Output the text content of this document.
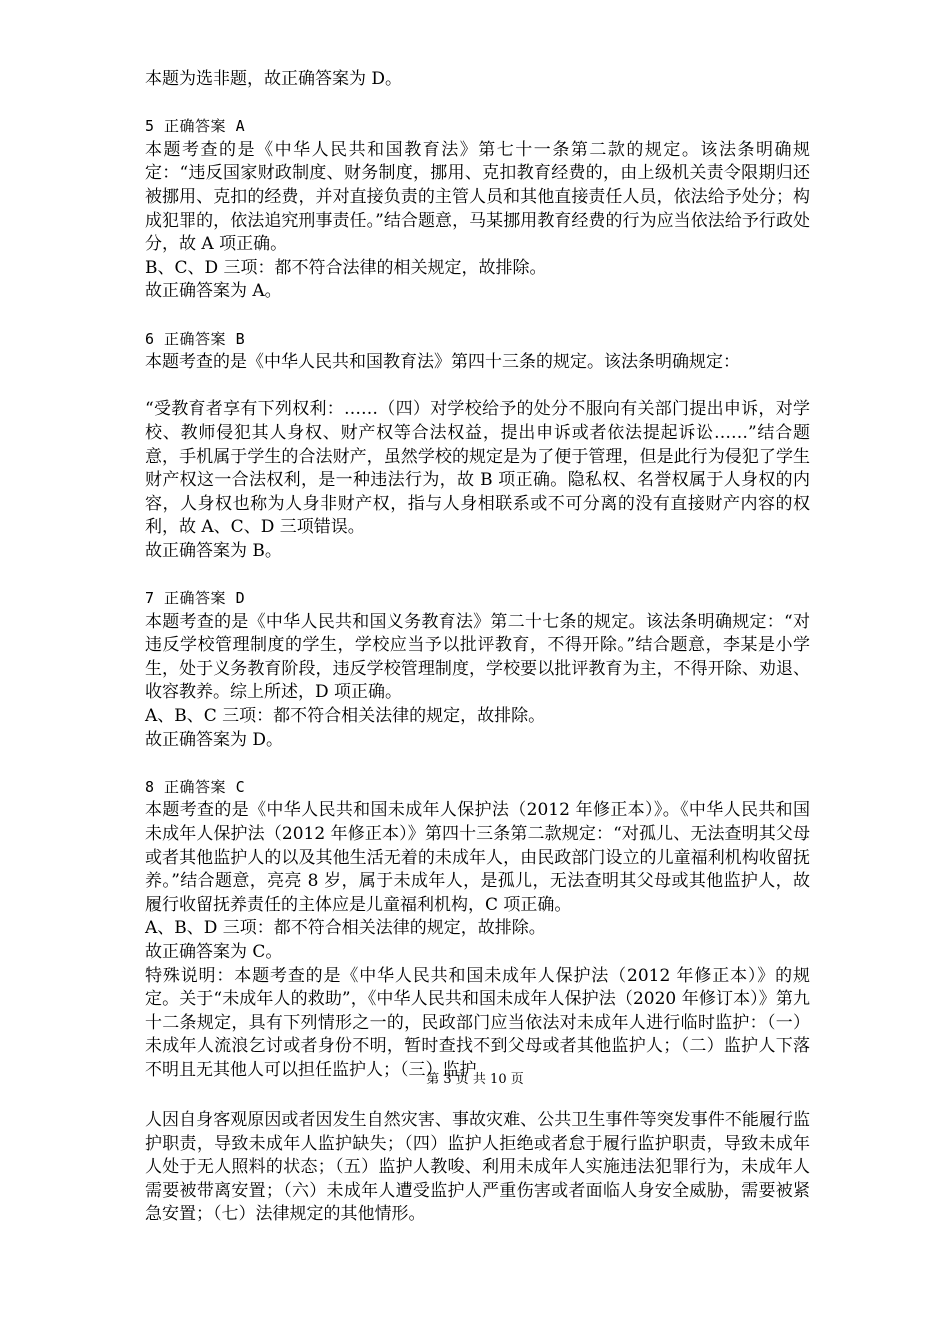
本题为选非题，故正确答案为 D。

5 正确答案 A

本题考查的是《中华人民共和国教育法》第七十一条第二款的规定。该法条明确规定：“违反国家财政制度、财务制度，挪用、克扣教育经费的，由上级机关责令限期归还被挪用、克扣的经费，并对直接负责的主管人员和其他直接责任人员，依法给予处分；构成犯罪的，依法追究刑事责任。”结合题意，马某挪用教育经费的行为应当依法给予行政处分，故 A 项正确。

B、C、D 三项：都不符合法律的相关规定，故排除。

故正确答案为 A。

6 正确答案 B

本题考查的是《中华人民共和国教育法》第四十三条的规定。该法条明确规定：

“受教育者享有下列权利：……（四）对学校给予的处分不服向有关部门提出申诉，对学校、教师侵犯其人身权、财产权等合法权益，提出申诉或者依法提起诉讼……”结合题意，手机属于学生的合法财产，虽然学校的规定是为了便于管理，但是此行为侵犯了学生财产权这一合法权利，是一种违法行为，故 B 项正确。隐私权、名誉权属于人身权的内容，人身权也称为人身非财产权，指与人身相联系或不可分离的没有直接财产内容的权利，故 A、C、D 三项错误。

故正确答案为 B。

7 正确答案 D

本题考查的是《中华人民共和国义务教育法》第二十七条的规定。该法条明确规定：“对违反学校管理制度的学生，学校应当予以批评教育，不得开除。”结合题意，李某是小学生，处于义务教育阶段，违反学校管理制度，学校要以批评教育为主，不得开除、劝退、收容教养。综上所述，D 项正确。

A、B、C 三项：都不符合相关法律的规定，故排除。

故正确答案为 D。

8 正确答案 C

本题考查的是《中华人民共和国未成年人保护法（2012 年修正本）》。《中华人民共和国未成年人保护法（2012 年修正本）》第四十三条第二款规定：“对孤儿、无法查明其父母或者其他监护人的以及其他生活无着的未成年人，由民政部门设立的儿童福利机构收留抚养。”结合题意，亮亮 8 岁，属于未成年人，是孤儿，无法查明其父母或其他监护人，故履行收留抚养责任的主体应是儿童福利机构，C 项正确。

A、B、D 三项：都不符合相关法律的规定，故排除。

故正确答案为 C。

特殊说明：本题考查的是《中华人民共和国未成年人保护法（2012 年修正本）》的规定。关于“未成年人的救助”，《中华人民共和国未成年人保护法（2020 年修订本）》第九十二条规定，具有下列情形之一的，民政部门应当依法对未成年人进行临时监护：（一）未成年人流浪乞讨或者身份不明，暂时查找不到父母或者其他监护人；（二）监护人下落不明且无其他人可以担任监护人；（三）监护

第 3 页 共 10 页

人因自身客观原因或者因发生自然灾害、事故灾难、公共卫生事件等突发事件不能履行监护职责，导致未成年人监护缺失；（四）监护人拒绝或者怠于履行监护职责，导致未成年人处于无人照料的状态；（五）监护人教唆、利用未成年人实施违法犯罪行为，未成年人需要被带离安置；（六）未成年人遭受监护人严重伤害或者面临人身安全威胁，需要被紧急安置；（七）法律规定的其他情形。
